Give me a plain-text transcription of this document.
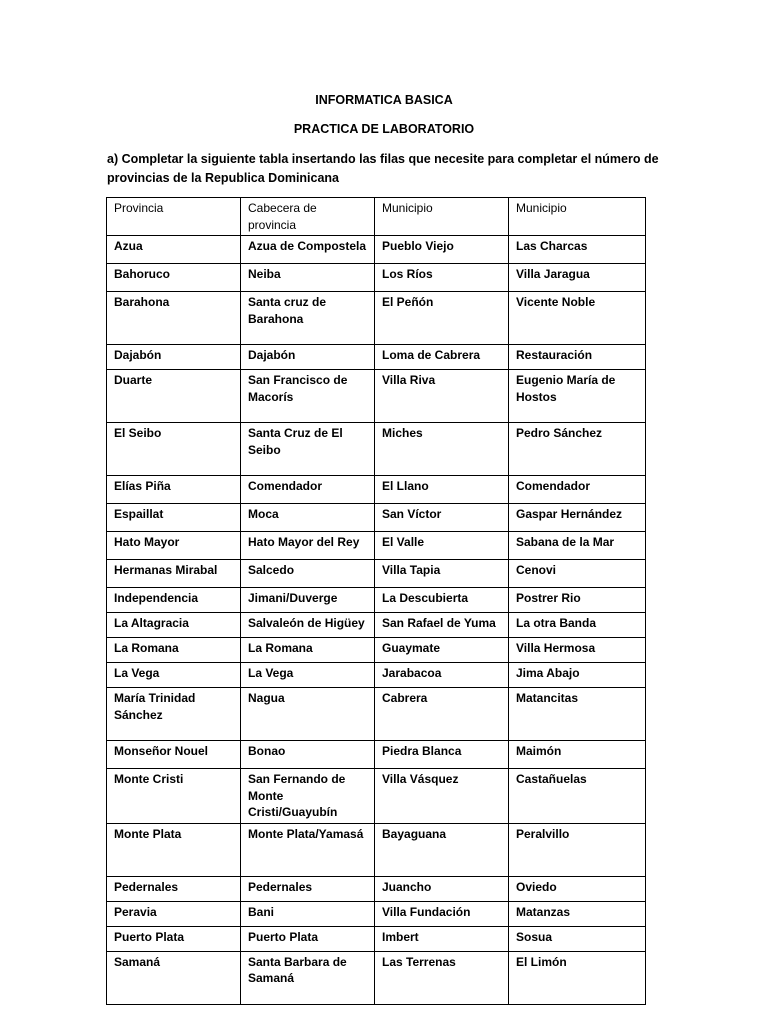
INFORMATICA BASICA
PRACTICA DE LABORATORIO
a) Completar la siguiente tabla insertando las filas que necesite para completar el número de
provincias de la Republica Dominicana
Provincia	Cabecera de provincia	Municipio	Municipio
Azua	Azua de Compostela	Pueblo Viejo	Las Charcas
Bahoruco	Neiba	Los Ríos	Villa Jaragua
Barahona	Santa cruz de Barahona	El Peñón	Vicente Noble
Dajabón	Dajabón	Loma de Cabrera	Restauración
Duarte	San Francisco de Macorís	Villa Riva	Eugenio María de Hostos
El Seibo	Santa Cruz de El Seibo	Miches	Pedro Sánchez
Elías Piña	Comendador	El Llano	Comendador
Espaillat	Moca	San Víctor	Gaspar Hernández
Hato Mayor	Hato Mayor del Rey	El Valle	Sabana de la Mar
Hermanas Mirabal	Salcedo	Villa Tapia	Cenovi
Independencia	Jimani/Duverge	La Descubierta	Postrer Rio
La Altagracia	Salvaleón de Higüey	San Rafael de Yuma	La otra Banda
La Romana	La Romana	Guaymate	Villa Hermosa
La Vega	La Vega	Jarabacoa	Jima Abajo
María Trinidad Sánchez	Nagua	Cabrera	Matancitas
Monseñor Nouel	Bonao	Piedra Blanca	Maimón
Monte Cristi	San Fernando de Monte Cristi/Guayubín	Villa Vásquez	Castañuelas
Monte Plata	Monte Plata/Yamasá	Bayaguana	Peralvillo
Pedernales	Pedernales	Juancho	Oviedo
Peravia	Bani	Villa Fundación	Matanzas
Puerto Plata	Puerto Plata	Imbert	Sosua
Samaná	Santa Barbara de Samaná	Las Terrenas	El Limón
